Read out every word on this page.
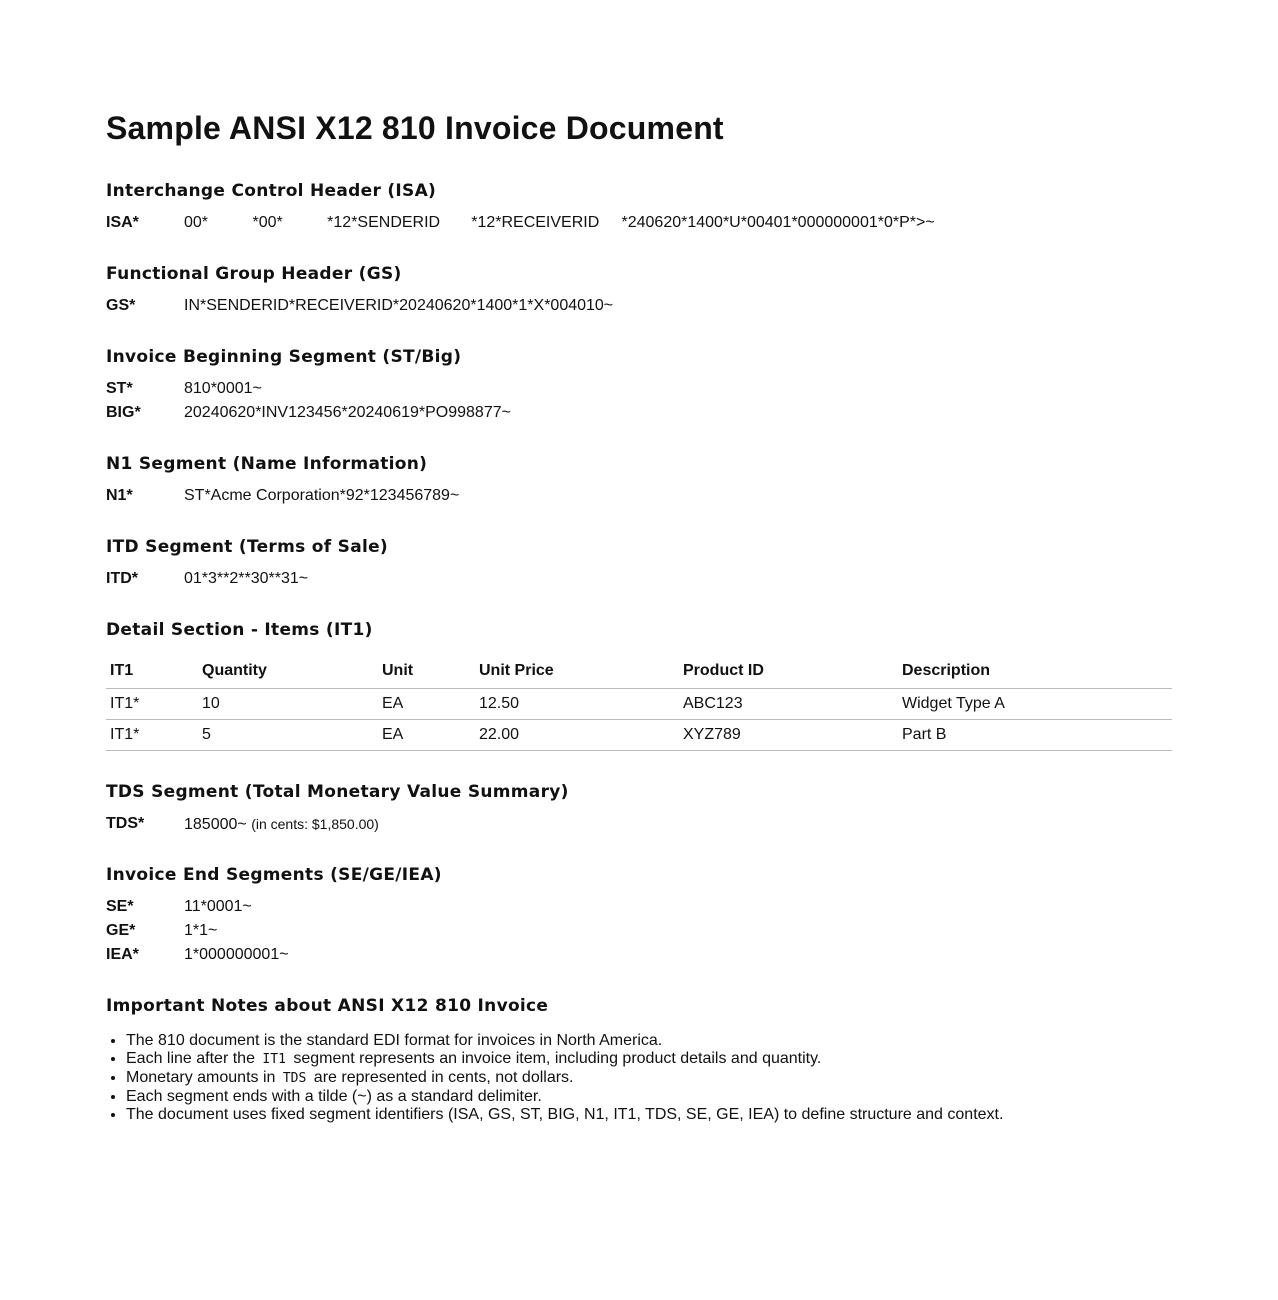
Sample ANSI X12 810 Invoice Document
Interchange Control Header (ISA)
ISA*	00*          *00*          *12*SENDERID       *12*RECEIVERID     *240620*1400*U*00401*000000001*0*P*>~
Functional Group Header (GS)
GS*	IN*SENDERID*RECEIVERID*20240620*1400*1*X*004010~
Invoice Beginning Segment (ST/Big)
ST*	810*0001~
BIG*	20240620*INV123456*20240619*PO998877~
N1 Segment (Name Information)
N1*	ST*Acme Corporation*92*123456789~
ITD Segment (Terms of Sale)
ITD*	01*3**2**30**31~
Detail Section - Items (IT1)
IT1	Quantity	Unit	Unit Price	Product ID	Description
IT1*	10	EA	12.50	ABC123	Widget Type A
IT1*	5	EA	22.00	XYZ789	Part B
TDS Segment (Total Monetary Value Summary)
TDS* 185000~ (in cents: $1,850.00)
Invoice End Segments (SE/GE/IEA)
SE*	11*0001~
GE*	1*1~
IEA*	1*000000001~
Important Notes about ANSI X12 810 Invoice
• The 810 document is the standard EDI format for invoices in North America.
• Each line after the IT1 segment represents an invoice item, including product details and quantity.
• Monetary amounts in TDS are represented in cents, not dollars.
• Each segment ends with a tilde (~) as a standard delimiter.
• The document uses fixed segment identifiers (ISA, GS, ST, BIG, N1, IT1, TDS, SE, GE, IEA) to define structure and context.
